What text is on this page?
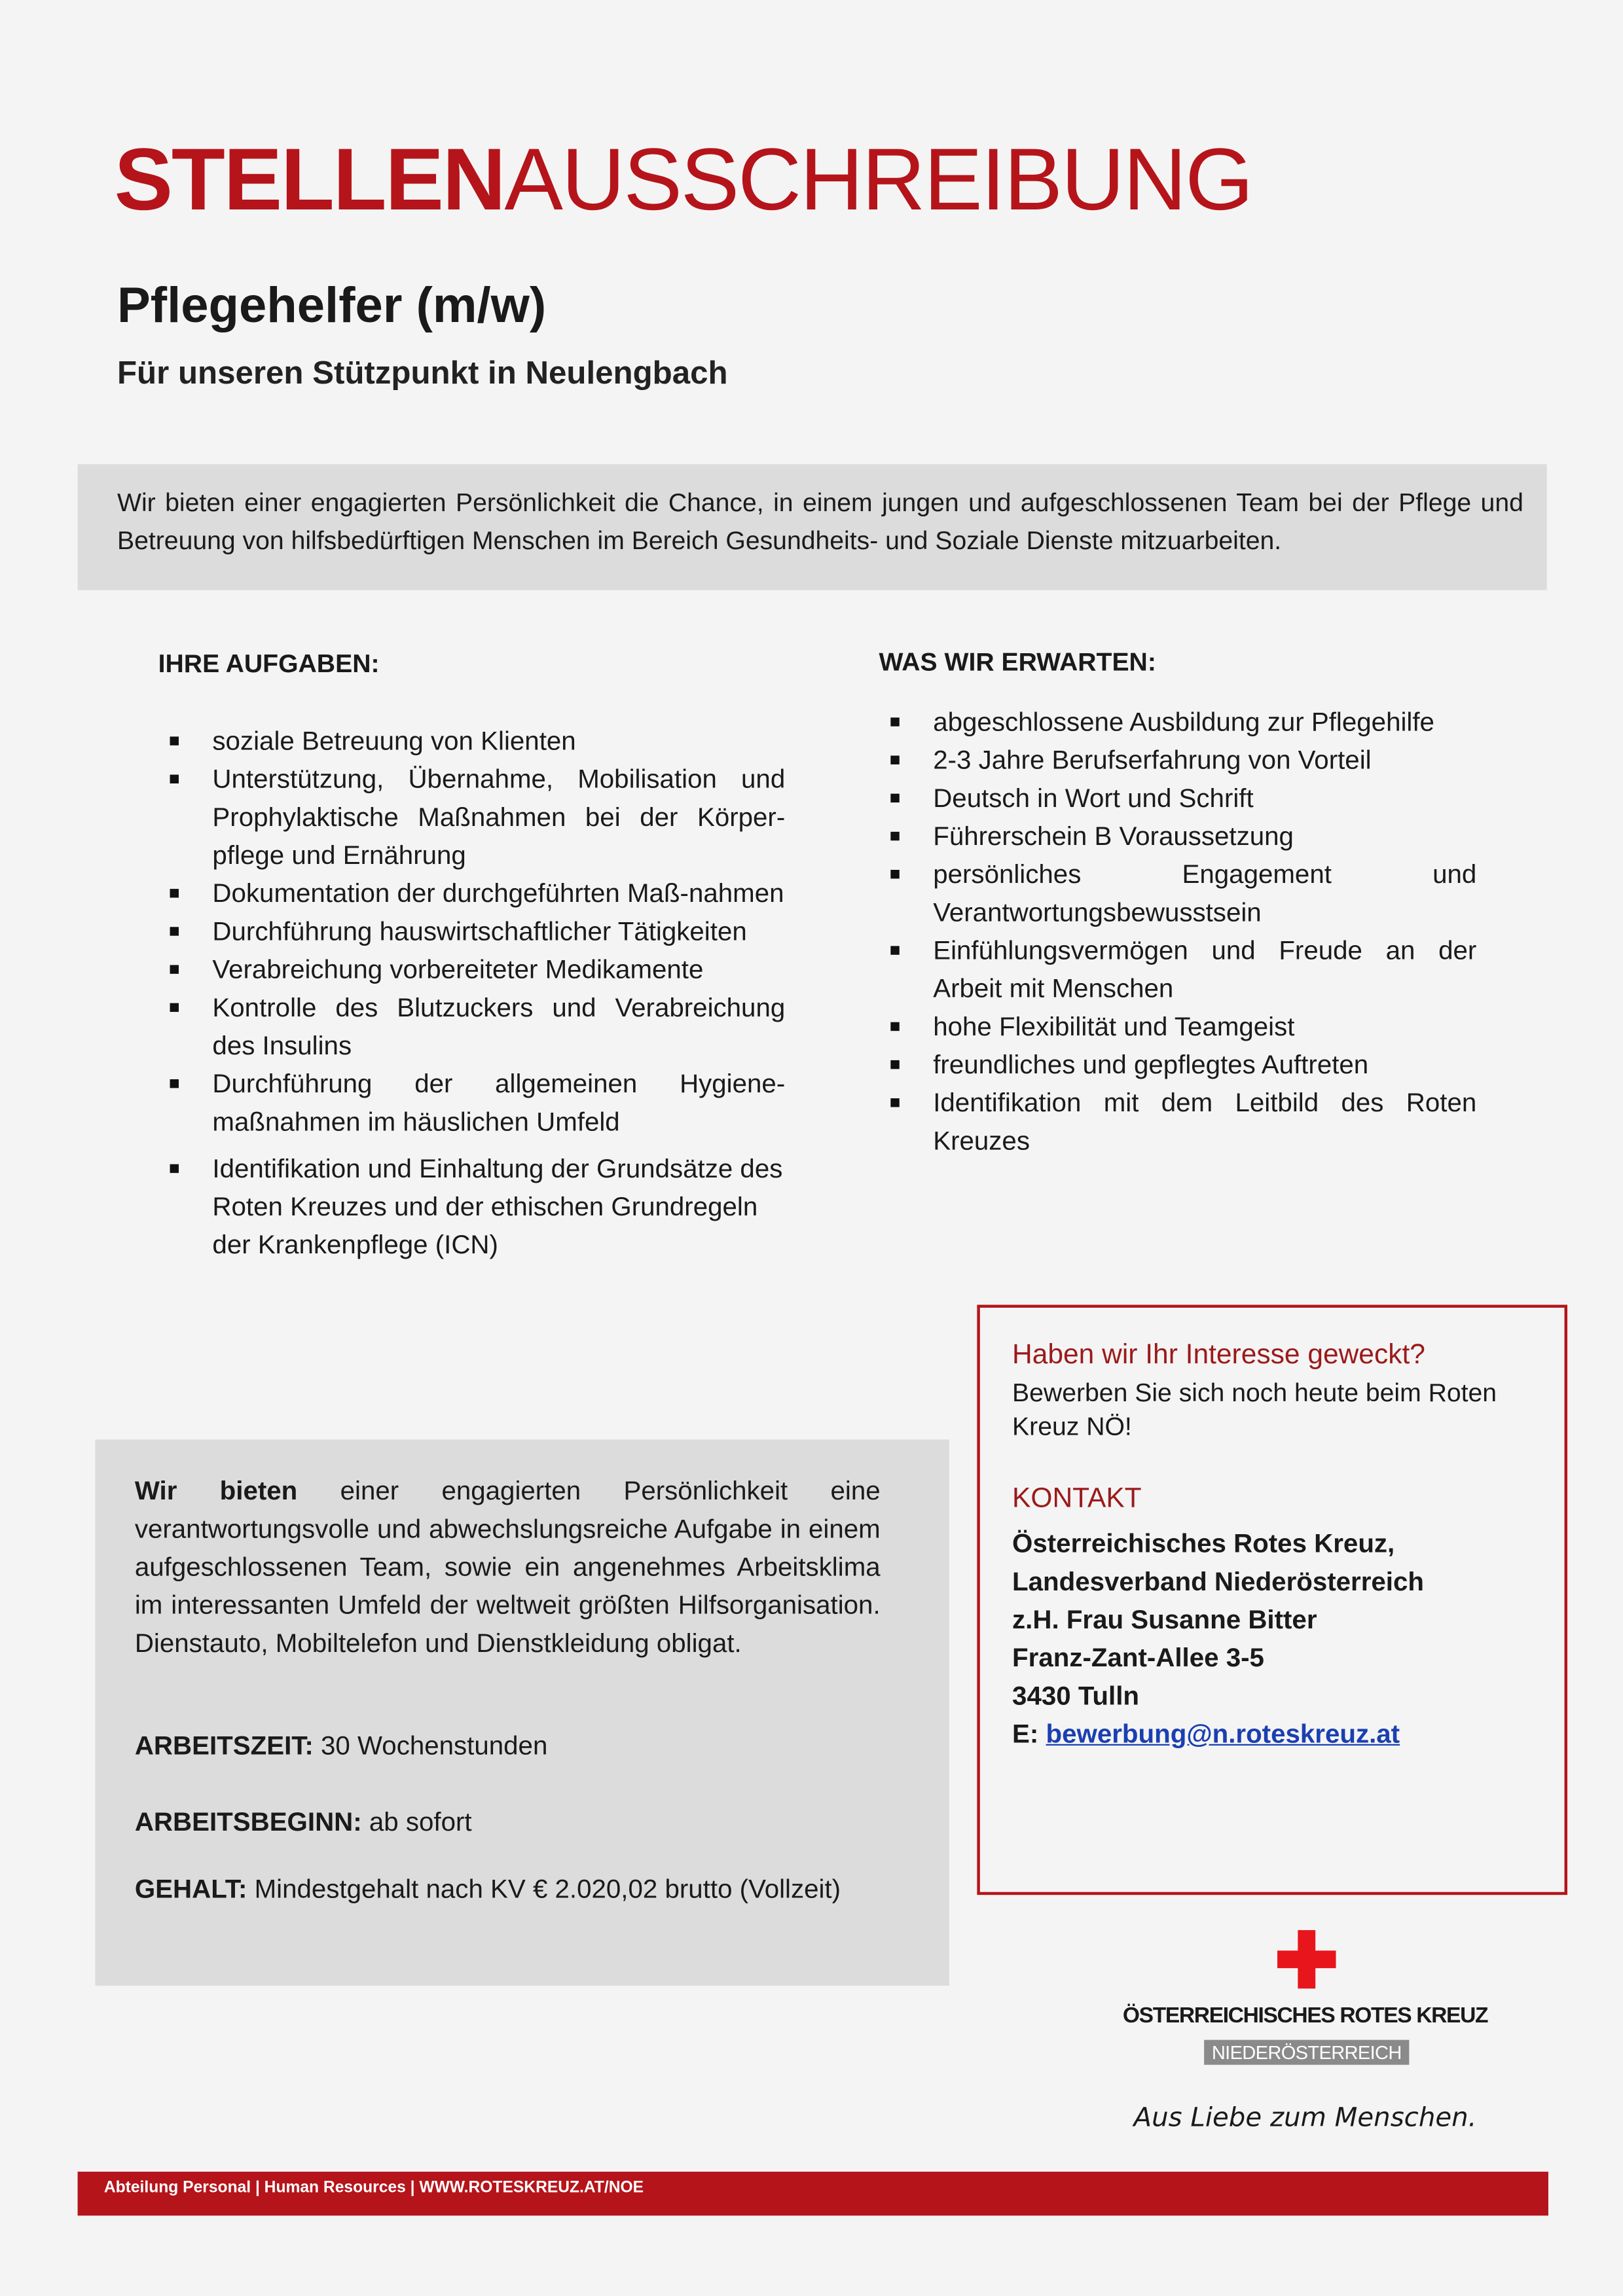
STELLENAUSSCHREIBUNG
Pflegehelfer (m/w)
Für unseren Stützpunkt in Neulengbach

Wir bieten einer engagierten Persönlichkeit die Chance, in einem jungen und aufgeschlossenen Team bei der Pflege und Betreuung von hilfsbedürftigen Menschen im Bereich Gesundheits- und Soziale Dienste mitzuarbeiten.

IHRE AUFGABEN:
soziale Betreuung von Klienten
Unterstützung, Übernahme, Mobilisation und Prophylaktische Maßnahmen bei der Körper-pflege und Ernährung
Dokumentation der durchgeführten Maß-nahmen
Durchführung hauswirtschaftlicher Tätigkeiten
Verabreichung vorbereiteter Medikamente
Kontrolle des Blutzuckers und Verabreichung des Insulins
Durchführung der allgemeinen Hygiene-maßnahmen im häuslichen Umfeld
Identifikation und Einhaltung der Grundsätze des Roten Kreuzes und der ethischen Grundregeln der Krankenpflege (ICN)
WAS WIR ERWARTEN:
abgeschlossene Ausbildung zur Pflegehilfe
2-3 Jahre Berufserfahrung von Vorteil
Deutsch in Wort und Schrift
Führerschein B Voraussetzung
persönliches Engagement und Verantwortungsbewusstsein
Einfühlungsvermögen und Freude an der Arbeit mit Menschen
hohe Flexibilität und Teamgeist
freundliches und gepflegtes Auftreten
Identifikation mit dem Leitbild des Roten Kreuzes
Haben wir Ihr Interesse geweckt?
Bewerben Sie sich noch heute beim Roten Kreuz NÖ!
KONTAKT
Österreichisches Rotes Kreuz,
Landesverband Niederösterreich
z.H. Frau Susanne Bitter
Franz-Zant-Allee 3-5
3430 Tulln
E: bewerbung@n.roteskreuz.at

Wir bieten einer engagierten Persönlichkeit eine verantwortungsvolle und abwechslungsreiche Aufgabe in einem aufgeschlossenen Team, sowie ein angenehmes Arbeitsklima im interessanten Umfeld der weltweit größten Hilfsorganisation. Dienstauto, Mobiltelefon und Dienstkleidung obligat.

ARBEITSZEIT: 30 Wochenstunden

ARBEITSBEGINN: ab sofort

GEHALT: Mindestgehalt nach KV € 2.020,02 brutto (Vollzeit)

ÖSTERREICHISCHES ROTES KREUZ
NIEDERÖSTERREICH
Aus Liebe zum Menschen.
Abteilung Personal | Human Resources | WWW.ROTESKREUZ.AT/NOE
